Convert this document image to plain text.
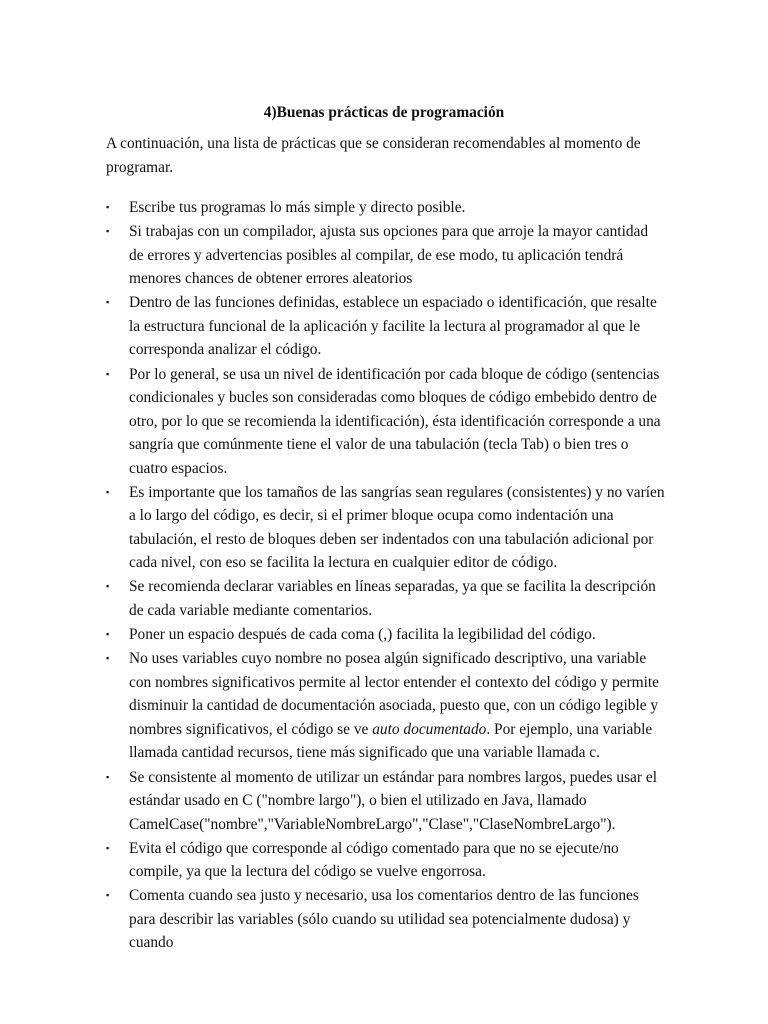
4)Buenas prácticas de programación

A continuación, una lista de prácticas que se consideran recomendables al momento de programar.

▪ Escribe tus programas lo más simple y directo posible.
▪ Si trabajas con un compilador, ajusta sus opciones para que arroje la mayor cantidad de errores y advertencias posibles al compilar, de ese modo, tu aplicación tendrá menores chances de obtener errores aleatorios
▪ Dentro de las funciones definidas, establece un espaciado o identificación, que resalte la estructura funcional de la aplicación y facilite la lectura al programador al que le corresponda analizar el código.
▪ Por lo general, se usa un nivel de identificación por cada bloque de código (sentencias condicionales y bucles son consideradas como bloques de código embebido dentro de otro, por lo que se recomienda la identificación), ésta identificación corresponde a una sangría que comúnmente tiene el valor de una tabulación (tecla Tab) o bien tres o cuatro espacios.
▪ Es importante que los tamaños de las sangrías sean regulares (consistentes) y no varíen a lo largo del código, es decir, si el primer bloque ocupa como indentación una tabulación, el resto de bloques deben ser indentados con una tabulación adicional por cada nivel, con eso se facilita la lectura en cualquier editor de código.
▪ Se recomienda declarar variables en líneas separadas, ya que se facilita la descripción de cada variable mediante comentarios.
▪ Poner un espacio después de cada coma (,) facilita la legibilidad del código.
▪ No uses variables cuyo nombre no posea algún significado descriptivo, una variable con nombres significativos permite al lector entender el contexto del código y permite disminuir la cantidad de documentación asociada, puesto que, con un código legible y nombres significativos, el código se ve auto documentado. Por ejemplo, una variable llamada cantidad recursos, tiene más significado que una variable llamada c.
▪ Se consistente al momento de utilizar un estándar para nombres largos, puedes usar el estándar usado en C ("nombre largo"), o bien el utilizado en Java, llamado CamelCase("nombre","VariableNombreLargo","Clase","ClaseNombreLargo").
▪ Evita el código que corresponde al código comentado para que no se ejecute/no compile, ya que la lectura del código se vuelve engorrosa.
▪ Comenta cuando sea justo y necesario, usa los comentarios dentro de las funciones para describir las variables (sólo cuando su utilidad sea potencialmente dudosa) y cuando
